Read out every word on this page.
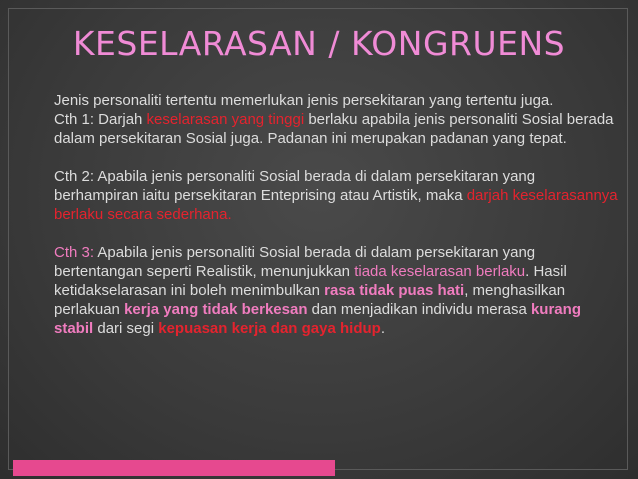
KESELARASAN / KONGRUENS
Jenis personaliti tertentu memerlukan jenis persekitaran yang tertentu juga.
Cth 1: Darjah keselarasan yang tinggi berlaku apabila jenis personaliti Sosial berada dalam persekitaran Sosial juga. Padanan ini merupakan padanan yang tepat.
Cth 2: Apabila jenis personaliti Sosial berada di dalam persekitaran yang berhampiran iaitu persekitaran Enteprising atau Artistik, maka darjah keselarasannya berlaku secara sederhana.
Cth 3: Apabila jenis personaliti Sosial berada di dalam persekitaran yang bertentangan seperti Realistik, menunjukkan tiada keselarasan berlaku. Hasil ketidakselarasan ini boleh menimbulkan rasa tidak puas hati, menghasilkan perlakuan kerja yang tidak berkesan dan menjadikan individu merasa kurang stabil dari segi kepuasan kerja dan gaya hidup.
